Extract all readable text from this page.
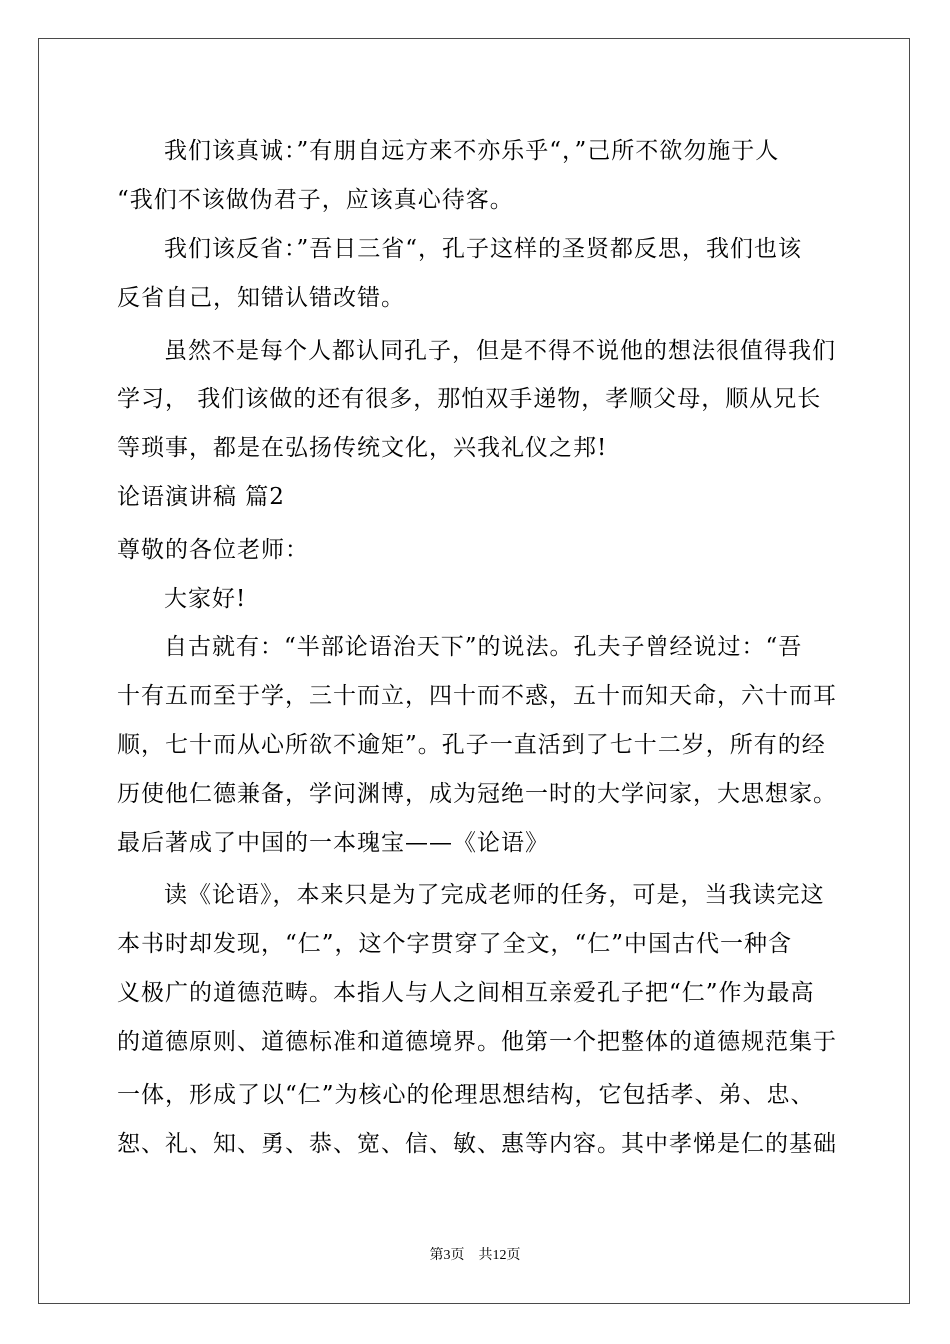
我们该真诚：”有朋自远方来不亦乐乎“，”己所不欲勿施于人
“我们不该做伪君子，应该真心待客。
我们该反省：”吾日三省“，孔子这样的圣贤都反思，我们也该
反省自己，知错认错改错。
虽然不是每个人都认同孔子，但是不得不说他的想法很值得我们
学习， 我们该做的还有很多，那怕双手递物，孝顺父母，顺从兄长
等琐事，都是在弘扬传统文化，兴我礼仪之邦!
论语演讲稿 篇2
尊敬的各位老师：
大家好!
自古就有：“半部论语治天下”的说法。孔夫子曾经说过：“吾
十有五而至于学，三十而立，四十而不惑，五十而知天命，六十而耳
顺，七十而从心所欲不逾矩”。孔子一直活到了七十二岁，所有的经
历使他仁德兼备，学问渊博，成为冠绝一时的大学问家，大思想家。
最后著成了中国的一本瑰宝——《论语》
读《论语》，本来只是为了完成老师的任务，可是，当我读完这
本书时却发现，“仁”，这个字贯穿了全文，“仁”中国古代一种含
义极广的道德范畴。本指人与人之间相互亲爱孔子把“仁”作为最高
的道德原则、道德标准和道德境界。他第一个把整体的道德规范集于
一体，形成了以“仁”为核心的伦理思想结构，它包括孝、弟、忠、
恕、礼、知、勇、恭、宽、信、敏、惠等内容。其中孝悌是仁的基础
第3页　共12页
